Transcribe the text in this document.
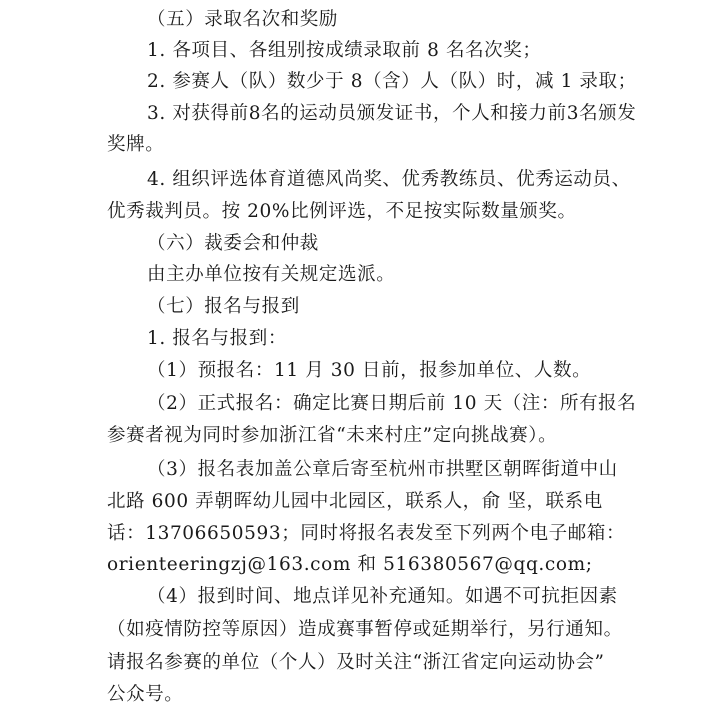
（五）录取名次和奖励
1. 各项目、各组别按成绩录取前 8 名名次奖；
2. 参赛人（队）数少于 8（含）人（队）时，减 1 录取；
3. 对获得前8名的运动员颁发证书，个人和接力前3名颁发
奖牌。
4. 组织评选体育道德风尚奖、优秀教练员、优秀运动员、
优秀裁判员。按 20%比例评选，不足按实际数量颁奖。
（六）裁委会和仲裁
由主办单位按有关规定选派。
（七）报名与报到
1. 报名与报到：
（1）预报名：11 月 30 日前，报参加单位、人数。
（2）正式报名：确定比赛日期后前 10 天（注：所有报名
参赛者视为同时参加浙江省“未来村庄”定向挑战赛）。
（3）报名表加盖公章后寄至杭州市拱墅区朝晖街道中山
北路 600 弄朝晖幼儿园中北园区，联系人，俞 坚，联系电
话：13706650593；同时将报名表发至下列两个电子邮箱：
orienteeringzj@163.com 和 516380567@qq.com;
（4）报到时间、地点详见补充通知。如遇不可抗拒因素
（如疫情防控等原因）造成赛事暂停或延期举行，另行通知。
请报名参赛的单位（个人）及时关注“浙江省定向运动协会”
公众号。
